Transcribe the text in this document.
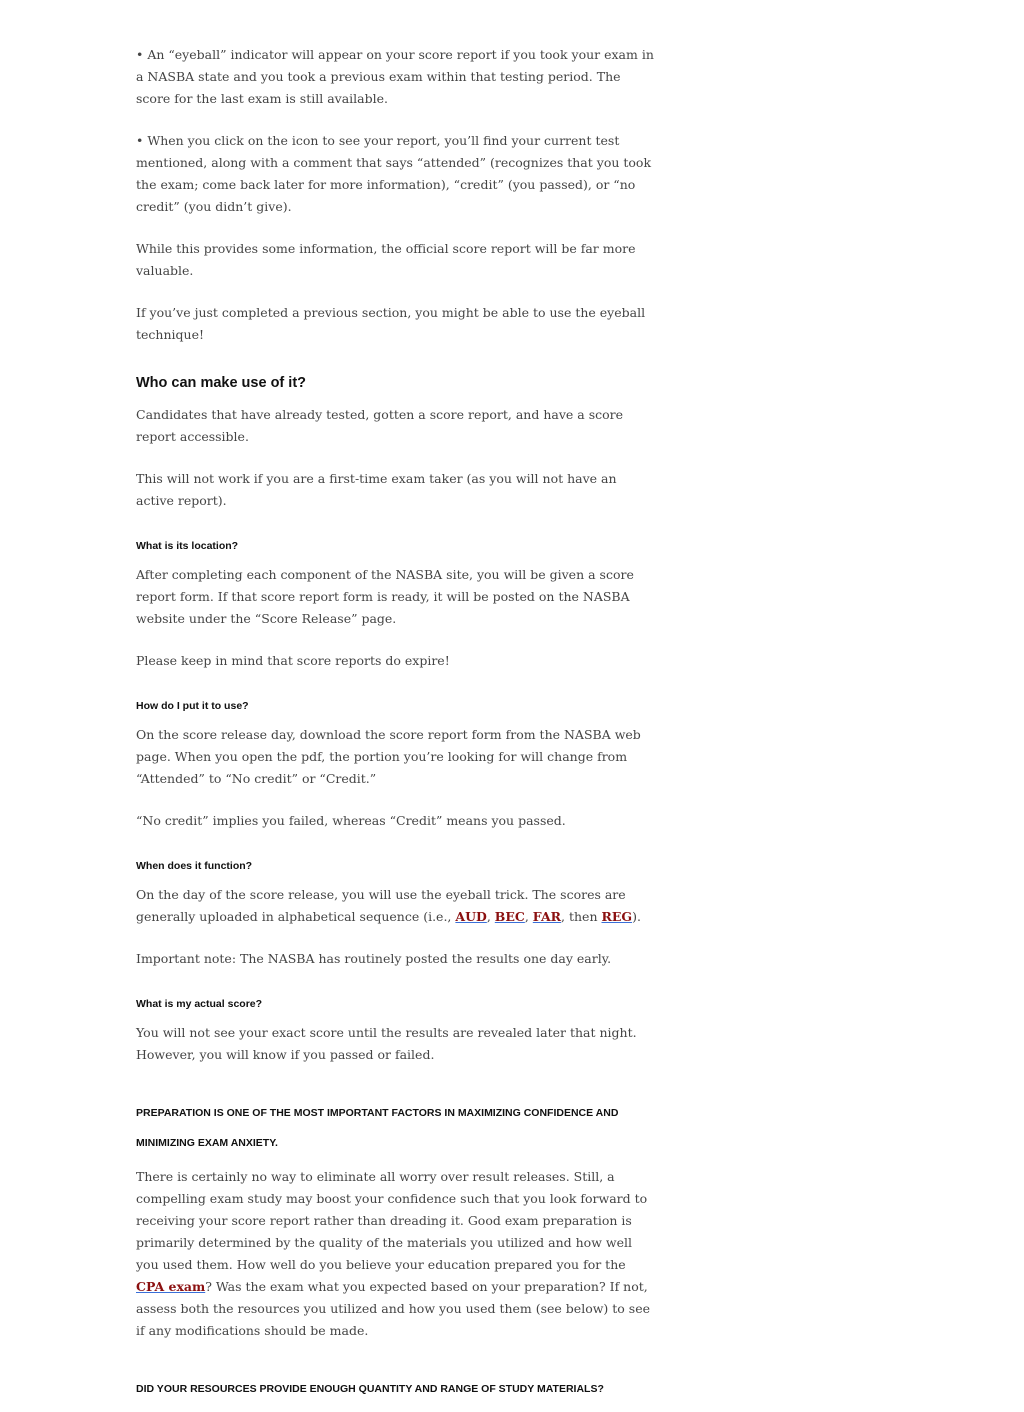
• An “eyeball” indicator will appear on your score report if you took your exam in a NASBA state and you took a previous exam within that testing period. The score for the last exam is still available.

• When you click on the icon to see your report, you’ll find your current test mentioned, along with a comment that says “attended” (recognizes that you took the exam; come back later for more information), “credit” (you passed), or “no credit” (you didn’t give).

While this provides some information, the official score report will be far more valuable.

If you’ve just completed a previous section, you might be able to use the eyeball technique!

Who can make use of it?

Candidates that have already tested, gotten a score report, and have a score report accessible.

This will not work if you are a first-time exam taker (as you will not have an active report).

What is its location?

After completing each component of the NASBA site, you will be given a score report form. If that score report form is ready, it will be posted on the NASBA website under the “Score Release” page.

Please keep in mind that score reports do expire!

How do I put it to use?

On the score release day, download the score report form from the NASBA web page. When you open the pdf, the portion you’re looking for will change from “Attended” to “No credit” or “Credit.”

“No credit” implies you failed, whereas “Credit” means you passed.

When does it function?

On the day of the score release, you will use the eyeball trick. The scores are generally uploaded in alphabetical sequence (i.e., AUD, BEC, FAR, then REG).

Important note: The NASBA has routinely posted the results one day early.

What is my actual score?

You will not see your exact score until the results are revealed later that night. However, you will know if you passed or failed.

PREPARATION IS ONE OF THE MOST IMPORTANT FACTORS IN MAXIMIZING CONFIDENCE AND MINIMIZING EXAM ANXIETY.

There is certainly no way to eliminate all worry over result releases. Still, a compelling exam study may boost your confidence such that you look forward to receiving your score report rather than dreading it. Good exam preparation is primarily determined by the quality of the materials you utilized and how well you used them. How well do you believe your education prepared you for the CPA exam? Was the exam what you expected based on your preparation? If not, assess both the resources you utilized and how you used them (see below) to see if any modifications should be made.

DID YOUR RESOURCES PROVIDE ENOUGH QUANTITY AND RANGE OF STUDY MATERIALS?
